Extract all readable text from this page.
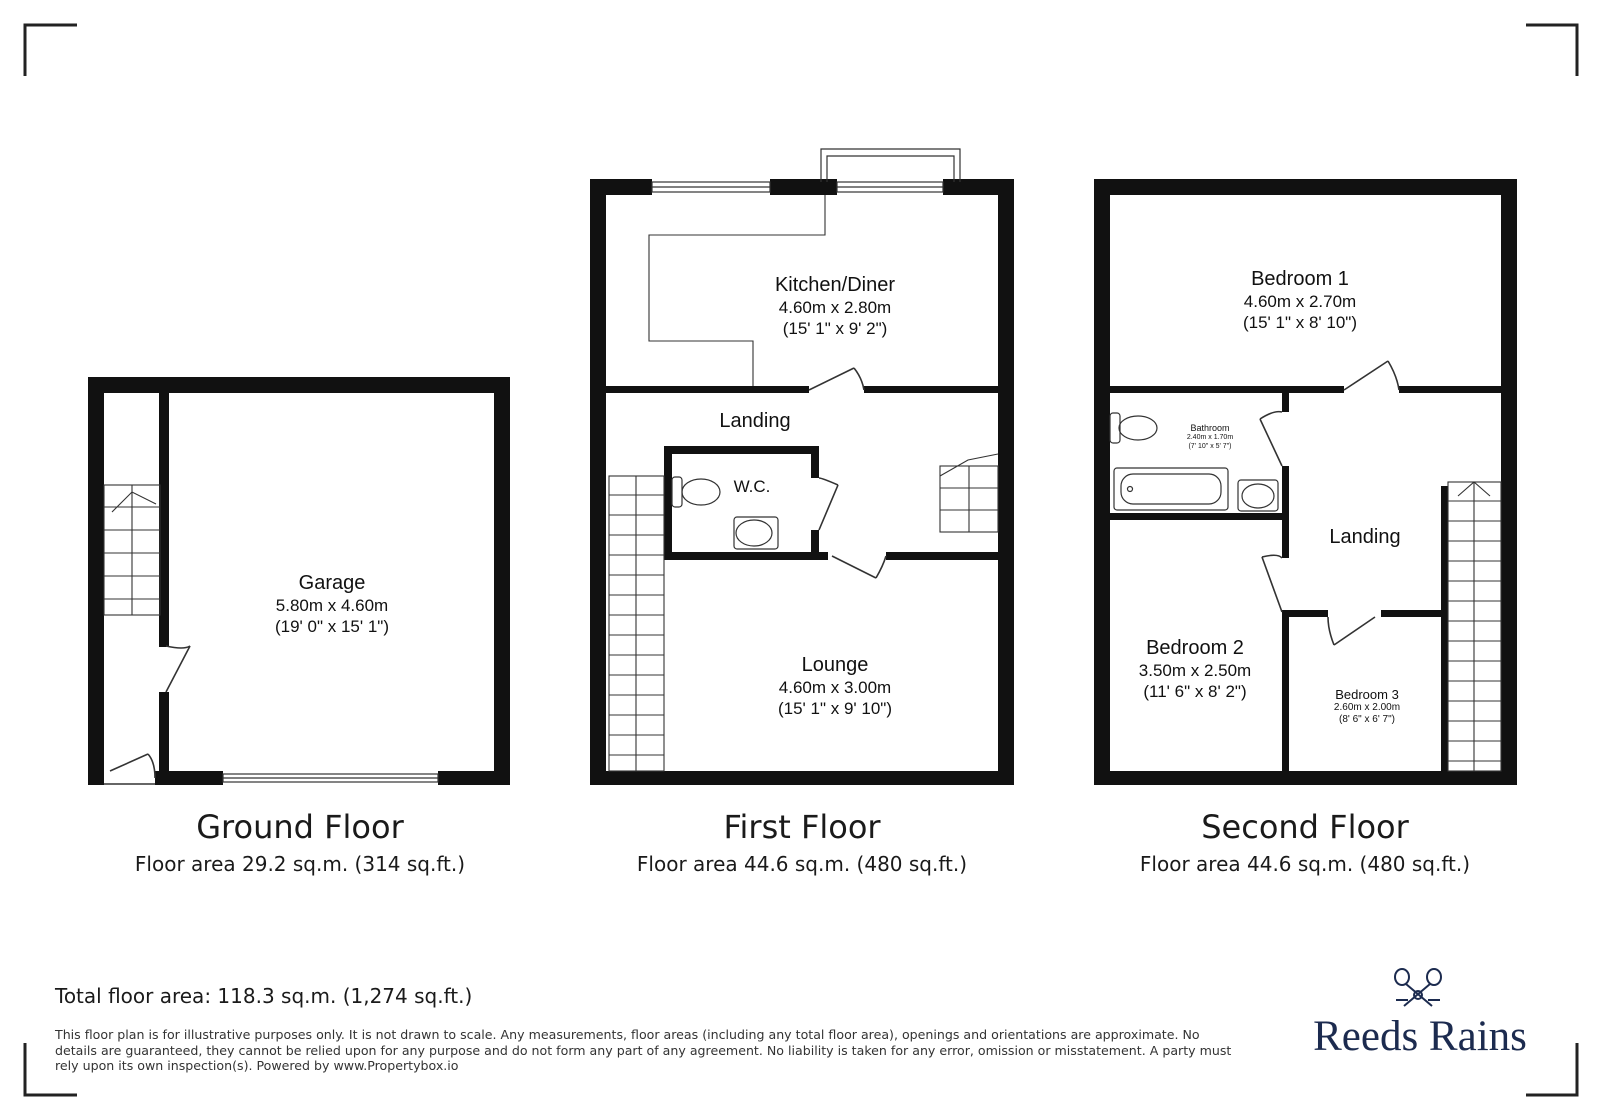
Garage
5.80m x 4.60m
(19' 0" x 15' 1")
Kitchen/Diner
4.60m x 2.80m
(15' 1" x 9' 2")
Landing
W.C.
Lounge
4.60m x 3.00m
(15' 1" x 9' 10")
Bedroom 1
4.60m x 2.70m
(15' 1" x 8' 10")
Bathroom
2.40m x 1.70m
(7' 10" x 5' 7")
Landing
Bedroom 2
3.50m x 2.50m
(11' 6" x 8' 2")	Bedroom 3
2.60m x 2.00m
(8' 6" x 6' 7")
Ground Floor
Floor area 29.2 sq.m. (314 sq.ft.)
First Floor
Floor area 44.6 sq.m. (480 sq.ft.)
Second Floor
Floor area 44.6 sq.m. (480 sq.ft.)
Total floor area: 118.3 sq.m. (1,274 sq.ft.)
This floor plan is for illustrative purposes only. It is not drawn to scale. Any measurements, floor areas (including any total floor area), openings and orientations are approximate. No details are guaranteed, they cannot be relied upon for any purpose and do not form any part of any agreement. No liability is taken for any error, omission or misstatement. A party must rely upon its own inspection(s). Powered by www.Propertybox.io
Reeds Rains
